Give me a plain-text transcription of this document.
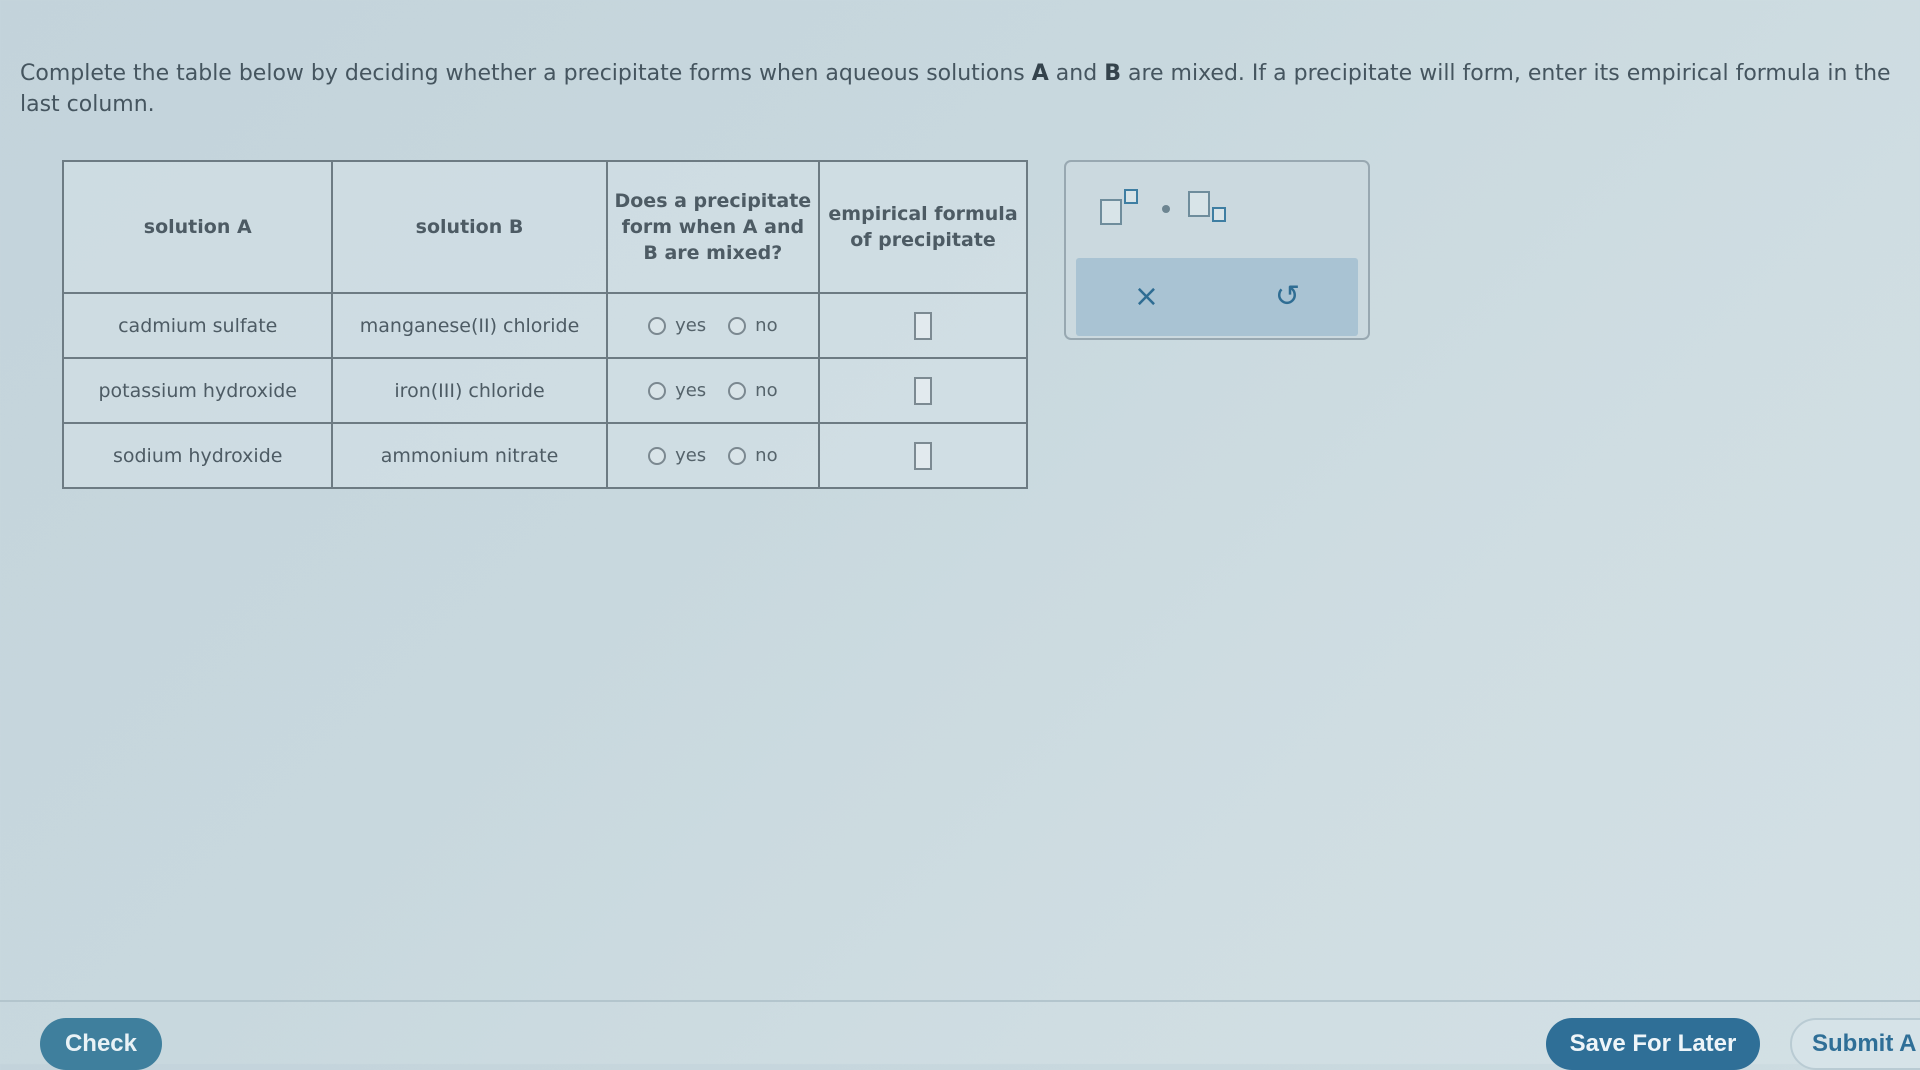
Complete the table below by deciding whether a precipitate forms when aqueous solutions A and B are mixed. If a precipitate will form, enter its empirical formula in the last column.
solution A	solution B	Does a precipitate form when A and B are mixed?	empirical formula of precipitate
cadmium sulfate	manganese(II) chloride	yes no	

potassium hydroxide	iron(III) chloride	yes no	

sodium hydroxide	ammonium nitrate	yes no	

×	↺
Check	Save For Later	Submit A
